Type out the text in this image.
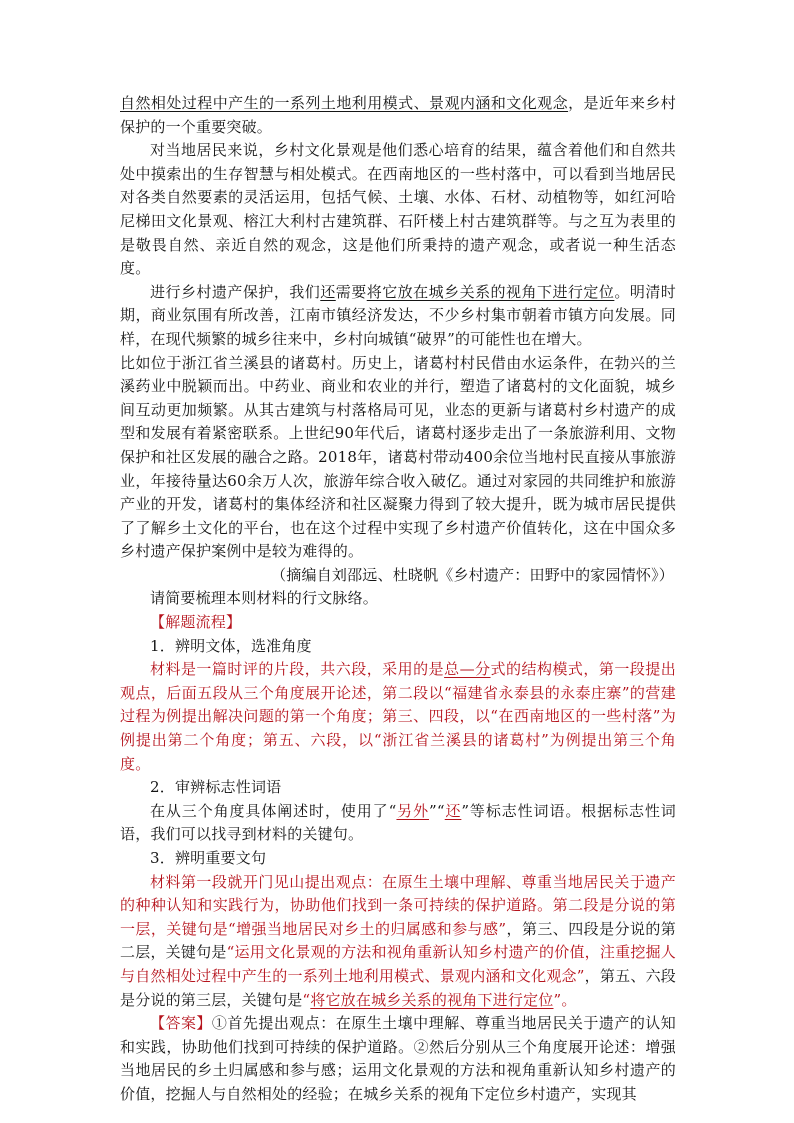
自然相处过程中产生的一系列土地利用模式、景观内涵和文化观念，是近年来乡村保护的一个重要突破。

对当地居民来说，乡村文化景观是他们悉心培育的结果，蕴含着他们和自然共处中摸索出的生存智慧与相处模式。在西南地区的一些村落中，可以看到当地居民对各类自然要素的灵活运用，包括气候、土壤、水体、石材、动植物等，如红河哈尼梯田文化景观、榕江大利村古建筑群、石阡楼上村古建筑群等。与之互为表里的是敬畏自然、亲近自然的观念，这是他们所秉持的遗产观念，或者说一种生活态度。

进行乡村遗产保护，我们还需要将它放在城乡关系的视角下进行定位。明清时期，商业氛围有所改善，江南市镇经济发达，不少乡村集市朝着市镇方向发展。同样，在现代频繁的城乡往来中，乡村向城镇“破界”的可能性也在增大。

比如位于浙江省兰溪县的诸葛村。历史上，诸葛村村民借由水运条件，在勃兴的兰溪药业中脱颖而出。中药业、商业和农业的并行，塑造了诸葛村的文化面貌，城乡间互动更加频繁。从其古建筑与村落格局可见，业态的更新与诸葛村乡村遗产的成型和发展有着紧密联系。上世纪90年代后，诸葛村逐步走出了一条旅游利用、文物保护和社区发展的融合之路。2018年，诸葛村带动400余位当地村民直接从事旅游业，年接待量达60余万人次，旅游年综合收入破亿。通过对家园的共同维护和旅游产业的开发，诸葛村的集体经济和社区凝聚力得到了较大提升，既为城市居民提供了了解乡土文化的平台，也在这个过程中实现了乡村遗产价值转化，这在中国众多乡村遗产保护案例中是较为难得的。

（摘编自刘邵远、杜晓帆《乡村遗产：田野中的家园情怀》）

请简要梳理本则材料的行文脉络。

【解题流程】

1．辨明文体，选准角度

材料是一篇时评的片段，共六段，采用的是总—分式的结构模式，第一段提出观点，后面五段从三个角度展开论述，第二段以“福建省永泰县的永泰庄寨”的营建过程为例提出解决问题的第一个角度；第三、四段，以“在西南地区的一些村落”为例提出第二个角度；第五、六段，以“浙江省兰溪县的诸葛村”为例提出第三个角度。

2．审辨标志性词语

在从三个角度具体阐述时，使用了“另外”“还”等标志性词语。根据标志性词语，我们可以找寻到材料的关键句。

3．辨明重要文句

材料第一段就开门见山提出观点：在原生土壤中理解、尊重当地居民关于遗产的种种认知和实践行为，协助他们找到一条可持续的保护道路。第二段是分说的第一层，关键句是“增强当地居民对乡土的归属感和参与感”，第三、四段是分说的第二层，关键句是“运用文化景观的方法和视角重新认知乡村遗产的价值，注重挖掘人与自然相处过程中产生的一系列土地利用模式、景观内涵和文化观念”，第五、六段是分说的第三层，关键句是“将它放在城乡关系的视角下进行定位”。

【答案】①首先提出观点：在原生土壤中理解、尊重当地居民关于遗产的认知和实践，协助他们找到可持续的保护道路。②然后分别从三个角度展开论述：增强当地居民的乡土归属感和参与感；运用文化景观的方法和视角重新认知乡村遗产的价值，挖掘人与自然相处的经验；在城乡关系的视角下定位乡村遗产，实现其
